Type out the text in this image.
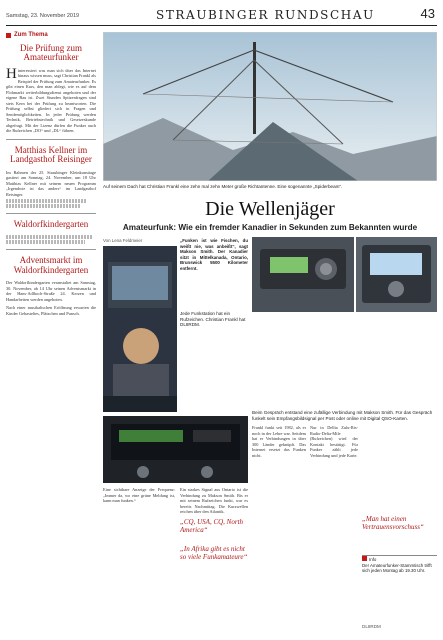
Samstag, 23. November 2019	STRAUBINGER RUNDSCHAU	43
Zum Thema
Die Prüfung zum Amateurfunker
H interessiert was man sich über das Internet hinaus wissen muss, sagt Christian Frankl als Beispiel der Prüfung zum Amateurfunker. Es gibt einen Kurs, den man ablegt, wie es auf dem Flohmarkt weiterbildungsdienst angeboten und der eigene Bau ist. Zwei Stunden Spitzenfragen sind stets Kern bei der Prüfung zu beantworten. Die Prüfung selbst gliedert sich in Fragen und Sendemöglichkeiten. In jeder Prüfung werden Technik, Betriebstechnik und Gesetzeskunde abgefragt. Mit der Lizenz dürfen die Funker auch die Rufzeichen „DO“ und „DL“ führen.
Matthias Kellner im Landgasthof Reisinger
Im Rahmen der 25. Straubinger Kleinkunsttage gastiert am Sonntag, 24. November, um 18 Uhr Matthias Kellner mit seinem neuen Programm „Irgendwie ist das anders“ im Landgasthof Reisinger.
Waldorfkindergarten
Adventsmarkt im Waldorfkindergarten
Der Waldorfkindergarten veranstaltet am Samstag, 30. November, ab 14 Uhr seinen Adventsmarkt in der Hans-Adlhoch-Straße 24. Kerzen und Handarbeiten werden angeboten.
Nach einer musikalischen Eröffnung erwarten die Kinder Gebasteltes, Plätzchen und Punsch.
Auf seinem Dach hat Christian Frankl eine zehn mal zehn Meter große Richtantenne. Eine sogenannte „Spiderbeam“.
Die Wellenjäger
Amateurfunk: Wie ein fremder Kanadier in Sekunden zum Bekannten wurde
Von Lena Feldmeier	„Funken ist wie Fischen, du weißt nie, was anbeißt“, sagt Makson Smith. Der Kanadier sitzt in Mittelkanada, Ontario, Brunswick 5500 Kilometer entfernt.
Jede Funkstation hat ein Rufzeichen. Christian Frankl hat DL8RDM.
Beim Gespräch entstand eine zufällige Verbindung mit Makson Smith. Für das Gespräch funkelt sein Empfangsbildsignal per Post oder online mit Digital QSO-Karten.
Eine sichtbare Anzeige der Frequenz: „Immer da, wo eine grüne Meldung ist, kann man funken.“
Ein starkes Signal aus Ontario ist die Verbindung zu Makson Smith. Bis er mit seinem Rufzeichen funkt, war es bereits Nachmittag. Die Kurzwellen reichen über den Atlantik.
Frankl funkt seit 1982, als er noch in der Lehre war. Seitdem hat er Verbindungen in über 300 Länder geknüpft. Das Internet ersetzt das Funken nicht.
Nur in Dellta Zulu-Ris-Radio-Delta-Mile (Rufzeichen) wird der Kontakt bestätigt. Für Funker zählt jede Verbindung und jede Karte.
„CQ, USA, CQ, North America“
„In Afrika gibt es nicht so viele Funkamateure“
„Man hat einen Vertrauensvorschuss“
Info
Der Amateurfunker-Stammtisch trifft sich jeden Montag ab 19.30 Uhr.
DL8RDM
